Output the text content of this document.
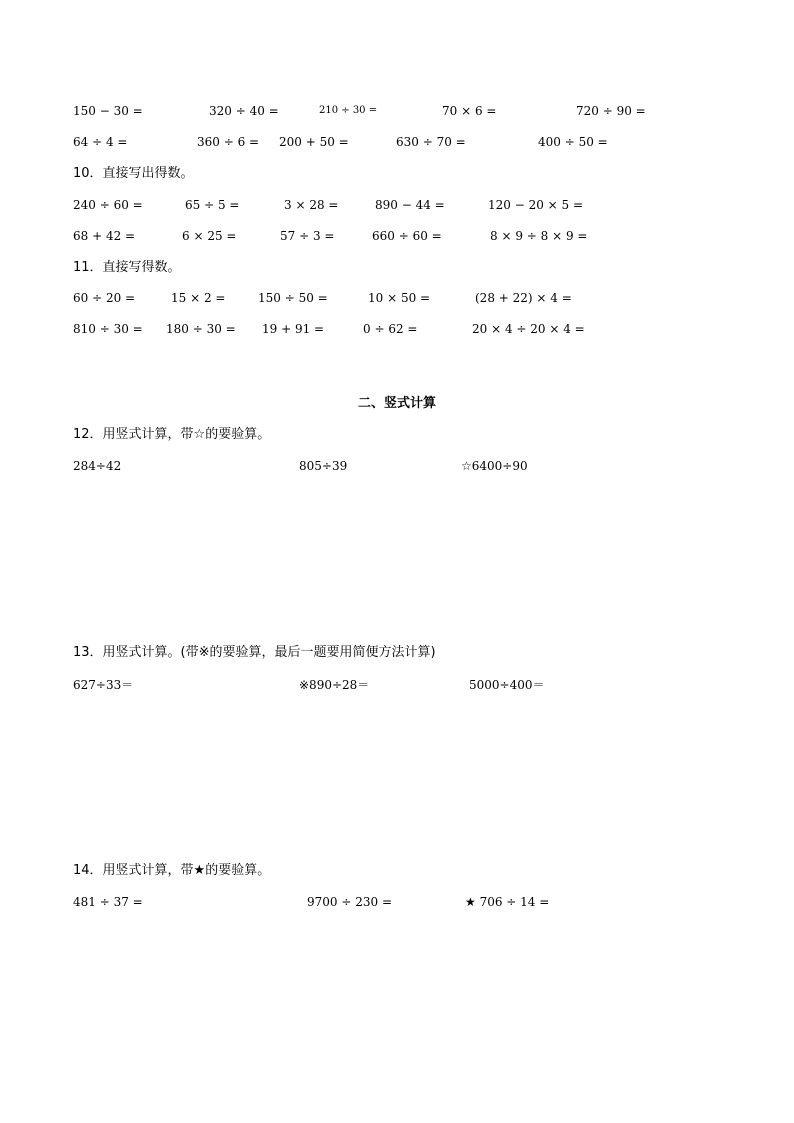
150 − 30 =	320 ÷ 40 =	210 ÷ 30 =	70 × 6 =	720 ÷ 90 =
64 ÷ 4 =	360 ÷ 6 = 200 + 50 =	630 ÷ 70 =	400 ÷ 50 =
10．直接写出得数。
240 ÷ 60 =	65 ÷ 5 =	3 × 28 =	890 − 44 =	120 − 20 × 5 =
68 + 42 =	6 × 25 =	57 ÷ 3 =	660 ÷ 60 =	8 × 9 ÷ 8 × 9 =
11．直接写得数。
60 ÷ 20 =	15 × 2 =	150 ÷ 50 =	10 × 50 =	(28 + 22) × 4 =
810 ÷ 30 = 180 ÷ 30 = 19 + 91 =	0 ÷ 62 =	20 × 4 ÷ 20 × 4 =
二、竖式计算
12．用竖式计算，带☆的要验算。
284÷42	805÷39	☆6400÷90
13．用竖式计算。(带※的要验算，最后一题要用简便方法计算)
627÷33＝	※890÷28＝	5000÷400＝
14．用竖式计算，带★的要验算。
481 ÷ 37 =	9700 ÷ 230 =	★ 706 ÷ 14 =
